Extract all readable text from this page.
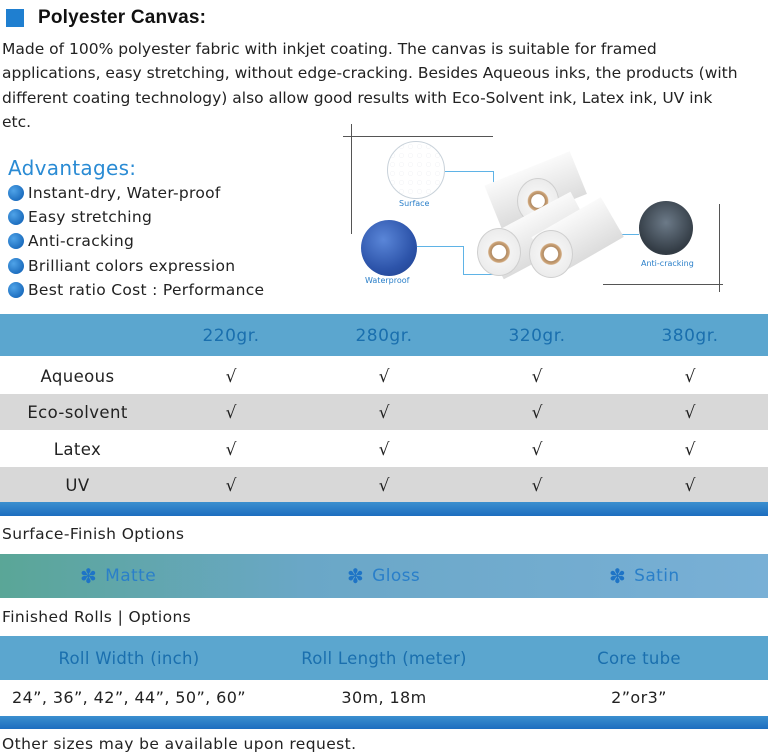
Polyester Canvas:

Made of 100% polyester fabric with inkjet coating. The canvas is suitable for framed applications, easy stretching, without edge-cracking. Besides Aqueous inks, the products (with different coating technology) also allow good results with Eco-Solvent ink, Latex ink, UV ink etc.

Advantages:
Instant-dry, Water-proof
Easy stretching
Anti-cracking
Brilliant colors expression
Best ratio Cost : Performance
Surface
Waterproof
Anti-cracking
220gr.	280gr.	320gr.	380gr.
Aqueous	√	√	√	√
Eco-solvent	√	√	√	√
Latex	√	√	√	√
UV	√	√	√	√
Surface-Finish Options
✽ Matte	✽ Gloss	✽ Satin
Finished Rolls | Options
Roll Width (inch)	Roll Length (meter)	Core tube
24”, 36”, 42”, 44”, 50”, 60”	30m, 18m	2”or3”
Other sizes may be available upon request.
